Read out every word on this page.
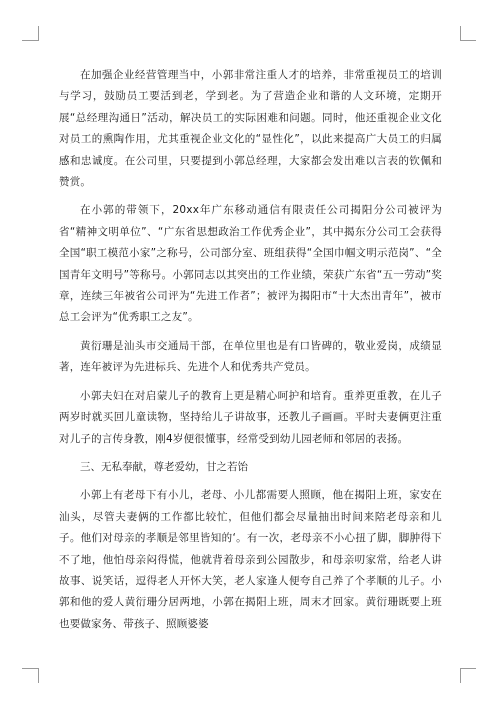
在加强企业经营管理当中，小郭非常注重人才的培养，非常重视员工的培训与学习，鼓励员工要活到老，学到老。为了营造企业和谐的人文环境，定期开展“总经理沟通日”活动，解决员工的实际困难和问题。同时，他还重视企业文化对员工的熏陶作用，尤其重视企业文化的“显性化”，以此来提高广大员工的归属感和忠诚度。在公司里，只要提到小郭总经理，大家都会发出难以言表的钦佩和赞赏。

在小郭的带领下，20xx年广东移动通信有限责任公司揭阳分公司被评为省“精神文明单位”、“广东省思想政治工作优秀企业”，其中揭东分公司工会获得全国“职工模范小家”之称号，公司部分室、班组获得“全国巾帼文明示范岗”、“全国青年文明号”等称号。小郭同志以其突出的工作业绩，荣获广东省“五一劳动”奖章，连续三年被省公司评为“先进工作者”；被评为揭阳市“十大杰出青年”，被市总工会评为“优秀职工之友”。

黄衍珊是汕头市交通局干部，在单位里也是有口皆碑的，敬业爱岗，成绩显著，连年被评为先进标兵、先进个人和优秀共产党员。

小郭夫妇在对启蒙儿子的教育上更是精心呵护和培育。重养更重教，在儿子两岁时就买回儿童读物，坚持给儿子讲故事，还教儿子画画。平时夫妻俩更注重对儿子的言传身教，刚4岁便很懂事，经常受到幼儿园老师和邻居的表扬。

三、无私奉献，尊老爱幼，甘之若饴

小郭上有老母下有小儿，老母、小儿都需要人照顾，他在揭阳上班，家安在汕头，尽管夫妻俩的工作都比较忙，但他们都会尽量抽出时间来陪老母亲和儿子。他们对母亲的孝顺是邻里皆知的‘。有一次，老母亲不小心扭了脚，脚肿得下不了地，他怕母亲闷得慌，他就背着母亲到公园散步，和母亲叨家常，给老人讲故事、说笑话，逗得老人开怀大笑，老人家逢人便夸自己养了个孝顺的儿子。小郭和他的爱人黄衍珊分居两地，小郭在揭阳上班，周末才回家。黄衍珊既要上班也要做家务、带孩子、照顾婆婆
